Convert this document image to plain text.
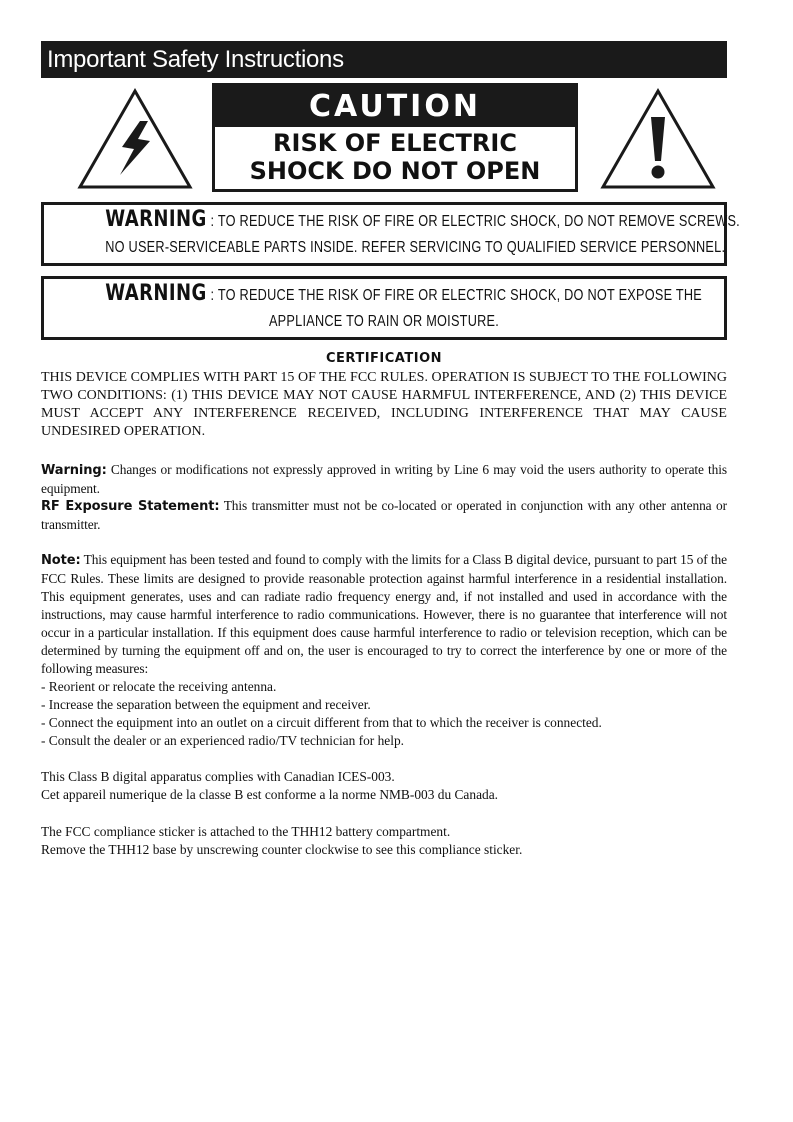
Important Safety Instructions
CAUTION
RISK OF ELECTRIC
SHOCK DO NOT OPEN
WARNING : TO REDUCE THE RISK OF FIRE OR ELECTRIC SHOCK, DO NOT REMOVE SCREWS.
NO USER-SERVICEABLE PARTS INSIDE. REFER SERVICING TO QUALIFIED SERVICE PERSONNEL.
WARNING : TO REDUCE THE RISK OF FIRE OR ELECTRIC SHOCK, DO NOT EXPOSE THE
APPLIANCE TO RAIN OR MOISTURE.
CERTIFICATION
THIS DEVICE COMPLIES WITH PART 15 OF THE FCC RULES. OPERATION IS SUBJECT TO THE FOLLOWING TWO CONDITIONS: (1) THIS DEVICE MAY NOT CAUSE HARMFUL INTERFERENCE, AND (2) THIS DEVICE MUST ACCEPT ANY INTERFERENCE RECEIVED, INCLUDING INTERFERENCE THAT MAY CAUSE UNDESIRED OPERATION.
Warning: Changes or modifications not expressly approved in writing by Line 6 may void the users authority to operate this equipment.
RF Exposure Statement: This transmitter must not be co-located or operated in conjunction with any other antenna or transmitter.
Note: This equipment has been tested and found to comply with the limits for a Class B digital device, pursuant to part 15 of the FCC Rules. These limits are designed to provide reasonable protection against harmful interference in a residential installation. This equipment generates, uses and can radiate radio frequency energy and, if not installed and used in accordance with the instructions, may cause harmful interference to radio communications. However, there is no guarantee that interference will not occur in a particular installation. If this equipment does cause harmful interference to radio or television reception, which can be determined by turning the equipment off and on, the user is encouraged to try to correct the interference by one or more of the following measures:
- Reorient or relocate the receiving antenna.
- Increase the separation between the equipment and receiver.
- Connect the equipment into an outlet on a circuit different from that to which the receiver is connected.
- Consult the dealer or an experienced radio/TV technician for help.
This Class B digital apparatus complies with Canadian ICES-003.
Cet appareil numerique de la classe B est conforme a la norme NMB-003 du Canada.
The FCC compliance sticker is attached to the THH12 battery compartment.
Remove the THH12 base by unscrewing counter clockwise to see this compliance sticker.
